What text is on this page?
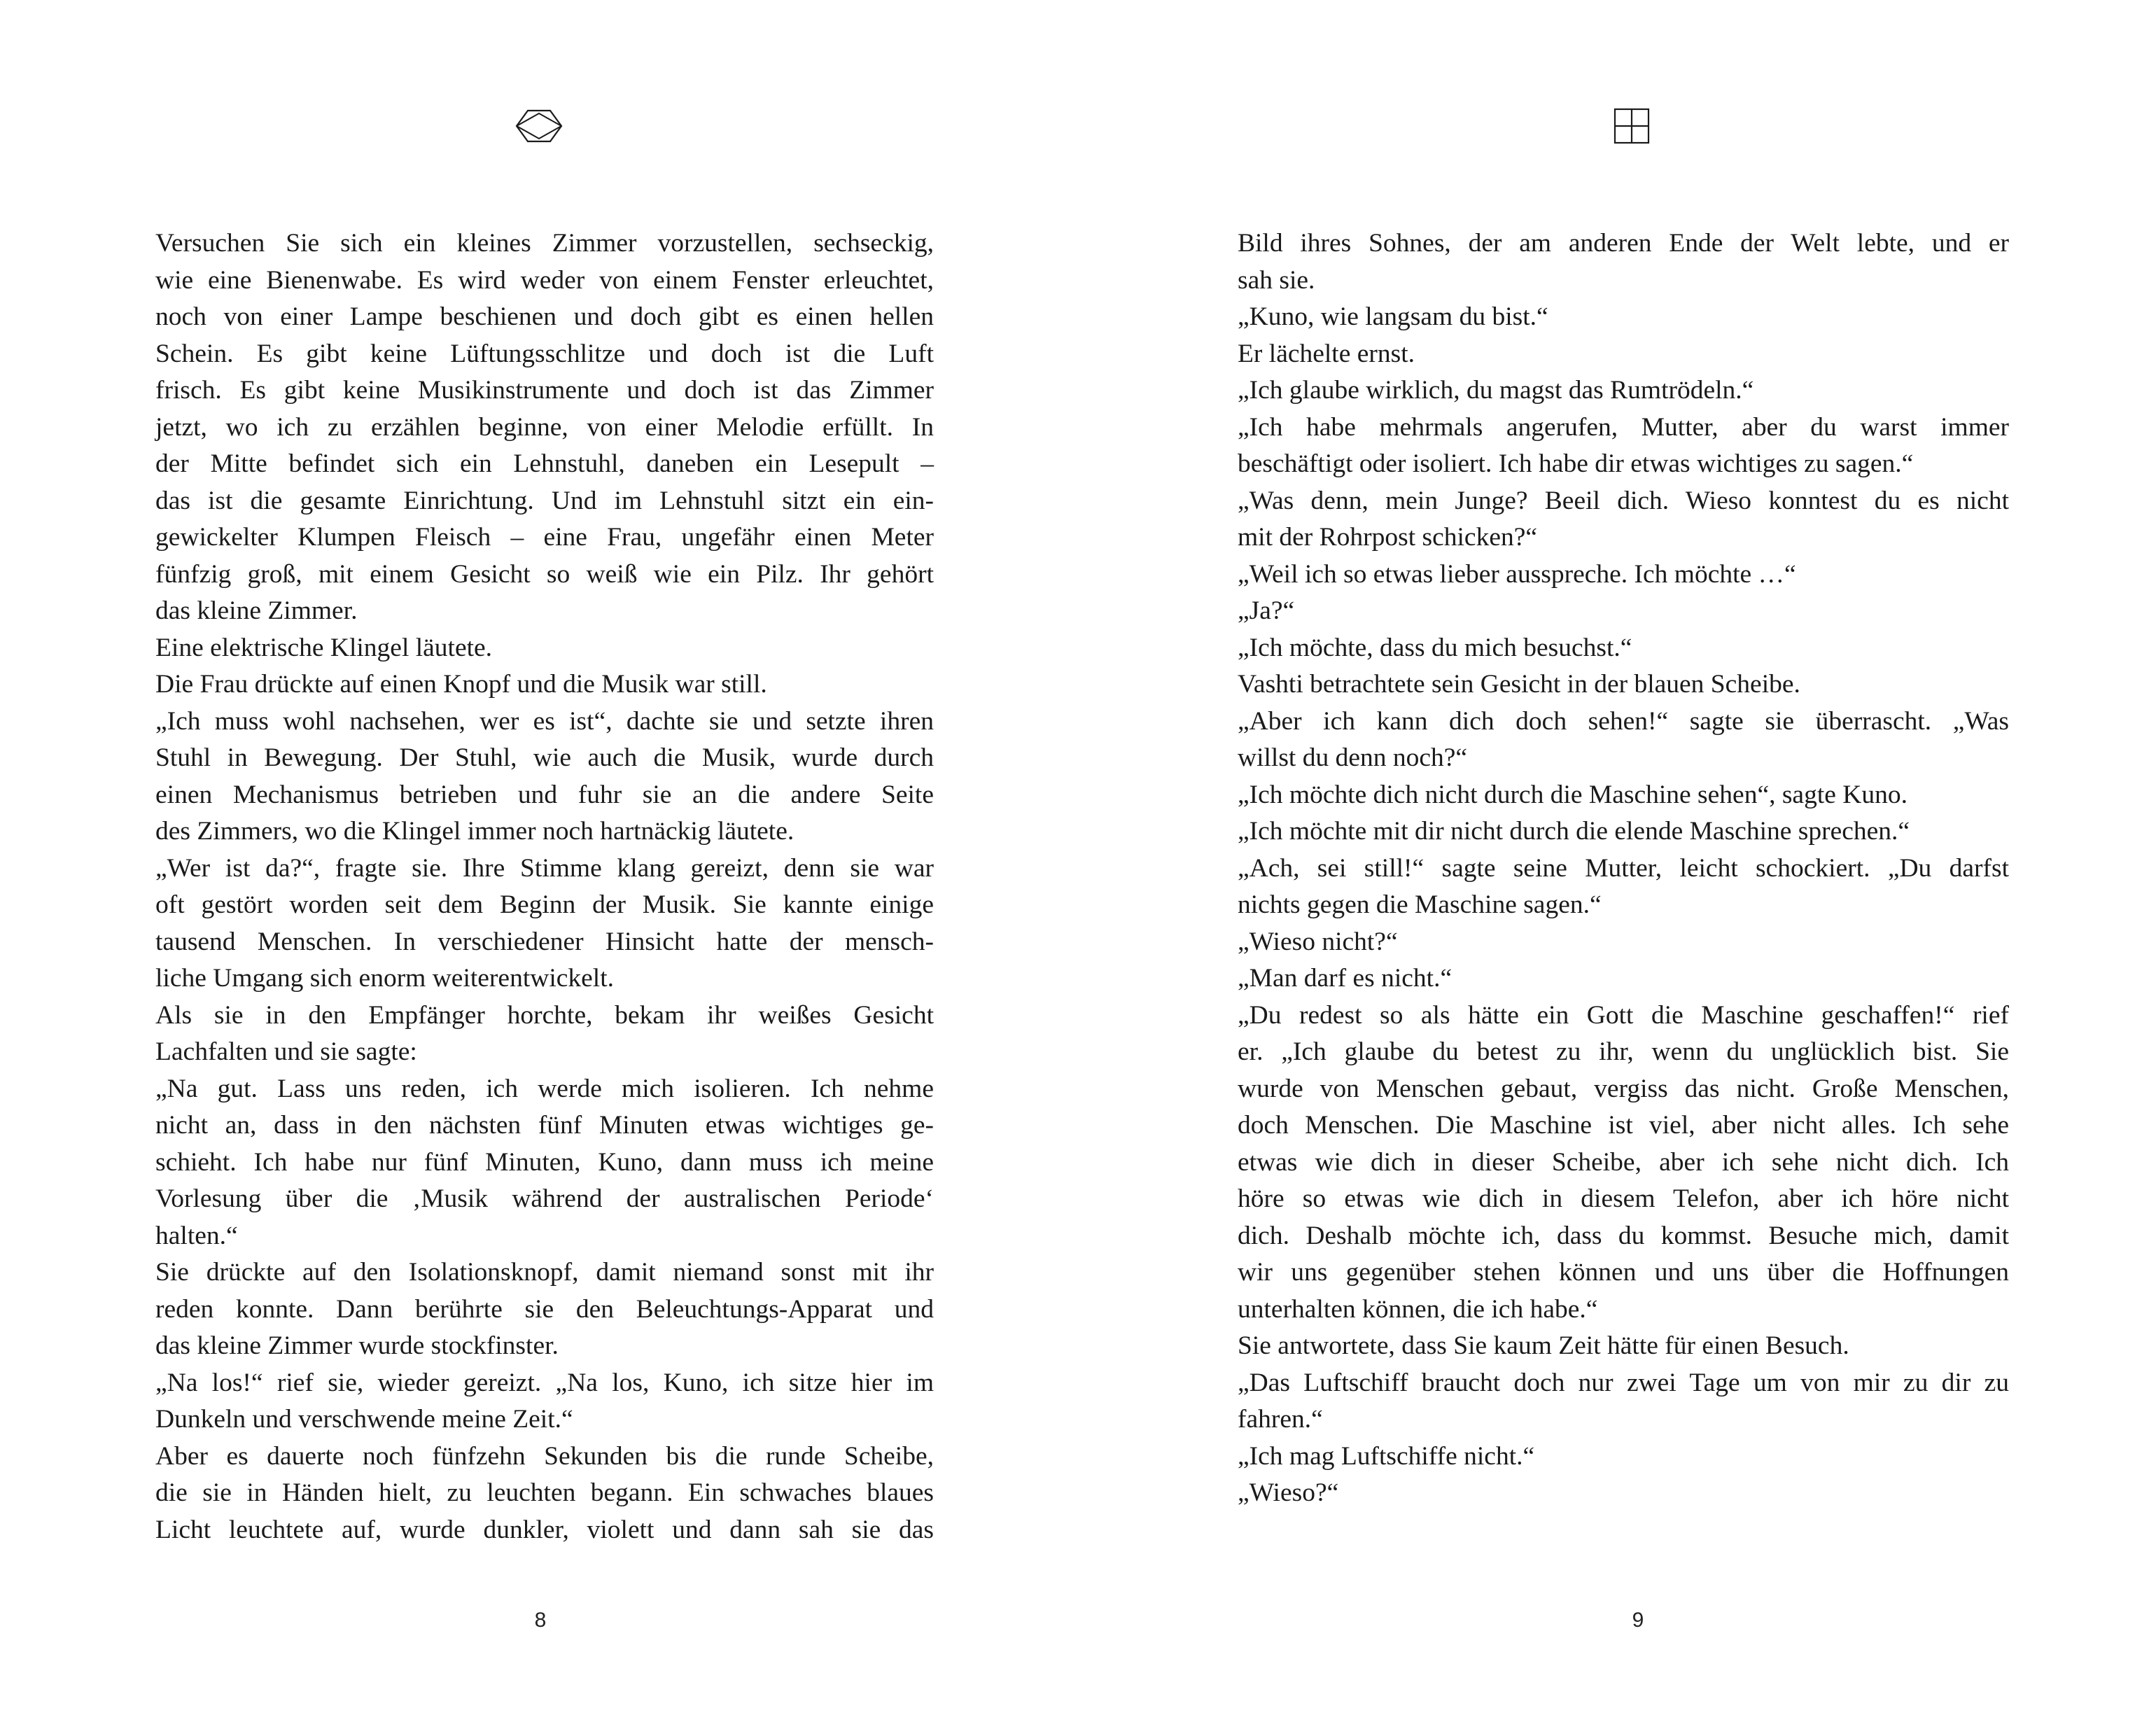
Versuchen Sie sich ein kleines Zimmer vorzustellen, sechseckig,
wie eine Bienenwabe. Es wird weder von einem Fenster erleuchtet,
noch von einer Lampe beschienen und doch gibt es einen hellen
Schein. Es gibt keine Lüftungsschlitze und doch ist die Luft
frisch. Es gibt keine Musikinstrumente und doch ist das Zimmer
jetzt, wo ich zu erzählen beginne, von einer Melodie erfüllt. In
der Mitte befindet sich ein Lehnstuhl, daneben ein Lesepult –
das ist die gesamte Einrichtung. Und im Lehnstuhl sitzt ein ein-
gewickelter Klumpen Fleisch – eine Frau, ungefähr einen Meter
fünfzig groß, mit einem Gesicht so weiß wie ein Pilz. Ihr gehört
das kleine Zimmer.
Eine elektrische Klingel läutete.
Die Frau drückte auf einen Knopf und die Musik war still.
„Ich muss wohl nachsehen, wer es ist“, dachte sie und setzte ihren
Stuhl in Bewegung. Der Stuhl, wie auch die Musik, wurde durch
einen Mechanismus betrieben und fuhr sie an die andere Seite
des Zimmers, wo die Klingel immer noch hartnäckig läutete.
„Wer ist da?“, fragte sie. Ihre Stimme klang gereizt, denn sie war
oft gestört worden seit dem Beginn der Musik. Sie kannte einige
tausend Menschen. In verschiedener Hinsicht hatte der mensch-
liche Umgang sich enorm weiterentwickelt.
Als sie in den Empfänger horchte, bekam ihr weißes Gesicht
Lachfalten und sie sagte:
„Na gut. Lass uns reden, ich werde mich isolieren. Ich nehme
nicht an, dass in den nächsten fünf Minuten etwas wichtiges ge-
schieht. Ich habe nur fünf Minuten, Kuno, dann muss ich meine
Vorlesung über die ‚Musik während der australischen Periode‘
halten.“
Sie drückte auf den Isolationsknopf, damit niemand sonst mit ihr
reden konnte. Dann berührte sie den Beleuchtungs-Apparat und
das kleine Zimmer wurde stockfinster.
„Na los!“ rief sie, wieder gereizt. „Na los, Kuno, ich sitze hier im
Dunkeln und verschwende meine Zeit.“
Aber es dauerte noch fünfzehn Sekunden bis die runde Scheibe,
die sie in Händen hielt, zu leuchten begann. Ein schwaches blaues
Licht leuchtete auf, wurde dunkler, violett und dann sah sie das
8
Bild ihres Sohnes, der am anderen Ende der Welt lebte, und er
sah sie.
„Kuno, wie langsam du bist.“
Er lächelte ernst.
„Ich glaube wirklich, du magst das Rumtrödeln.“
„Ich habe mehrmals angerufen, Mutter, aber du warst immer
beschäftigt oder isoliert. Ich habe dir etwas wichtiges zu sagen.“
„Was denn, mein Junge? Beeil dich. Wieso konntest du es nicht
mit der Rohrpost schicken?“
„Weil ich so etwas lieber ausspreche. Ich möchte …“
„Ja?“
„Ich möchte, dass du mich besuchst.“
Vashti betrachtete sein Gesicht in der blauen Scheibe.
„Aber ich kann dich doch sehen!“ sagte sie überrascht. „Was
willst du denn noch?“
„Ich möchte dich nicht durch die Maschine sehen“, sagte Kuno.
„Ich möchte mit dir nicht durch die elende Maschine sprechen.“
„Ach, sei still!“ sagte seine Mutter, leicht schockiert. „Du darfst
nichts gegen die Maschine sagen.“
„Wieso nicht?“
„Man darf es nicht.“
„Du redest so als hätte ein Gott die Maschine geschaffen!“ rief
er. „Ich glaube du betest zu ihr, wenn du unglücklich bist. Sie
wurde von Menschen gebaut, vergiss das nicht. Große Menschen,
doch Menschen. Die Maschine ist viel, aber nicht alles. Ich sehe
etwas wie dich in dieser Scheibe, aber ich sehe nicht dich. Ich
höre so etwas wie dich in diesem Telefon, aber ich höre nicht
dich. Deshalb möchte ich, dass du kommst. Besuche mich, damit
wir uns gegenüber stehen können und uns über die Hoffnungen
unterhalten können, die ich habe.“
Sie antwortete, dass Sie kaum Zeit hätte für einen Besuch.
„Das Luftschiff braucht doch nur zwei Tage um von mir zu dir zu
fahren.“
„Ich mag Luftschiffe nicht.“
„Wieso?“
9
